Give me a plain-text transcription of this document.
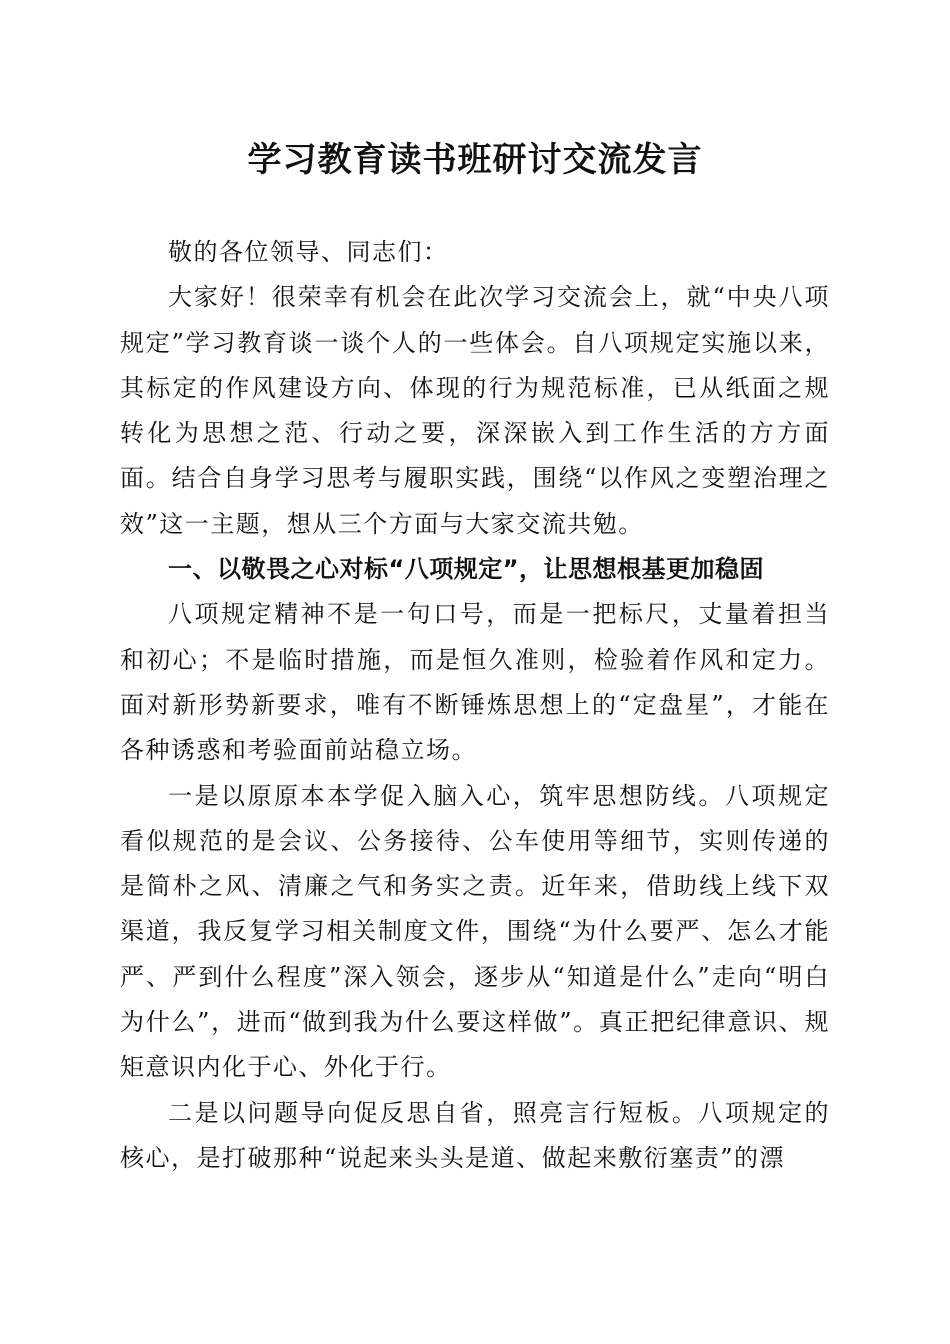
学习教育读书班研讨交流发言

敬的各位领导、同志们：

大家好！很荣幸有机会在此次学习交流会上，就“中央八项规定”学习教育谈一谈个人的一些体会。自八项规定实施以来，其标定的作风建设方向、体现的行为规范标准，已从纸面之规转化为思想之范、行动之要，深深嵌入到工作生活的方方面面。结合自身学习思考与履职实践，围绕“以作风之变塑治理之效”这一主题，想从三个方面与大家交流共勉。

一、以敬畏之心对标“八项规定”，让思想根基更加稳固

八项规定精神不是一句口号，而是一把标尺，丈量着担当和初心；不是临时措施，而是恒久准则，检验着作风和定力。面对新形势新要求，唯有不断锤炼思想上的“定盘星”，才能在各种诱惑和考验面前站稳立场。

一是以原原本本学促入脑入心，筑牢思想防线。八项规定看似规范的是会议、公务接待、公车使用等细节，实则传递的是简朴之风、清廉之气和务实之责。近年来，借助线上线下双渠道，我反复学习相关制度文件，围绕“为什么要严、怎么才能严、严到什么程度”深入领会，逐步从“知道是什么”走向“明白为什么”，进而“做到我为什么要这样做”。真正把纪律意识、规矩意识内化于心、外化于行。

二是以问题导向促反思自省，照亮言行短板。八项规定的核心，是打破那种“说起来头头是道、做起来敷衍塞责”的漂
